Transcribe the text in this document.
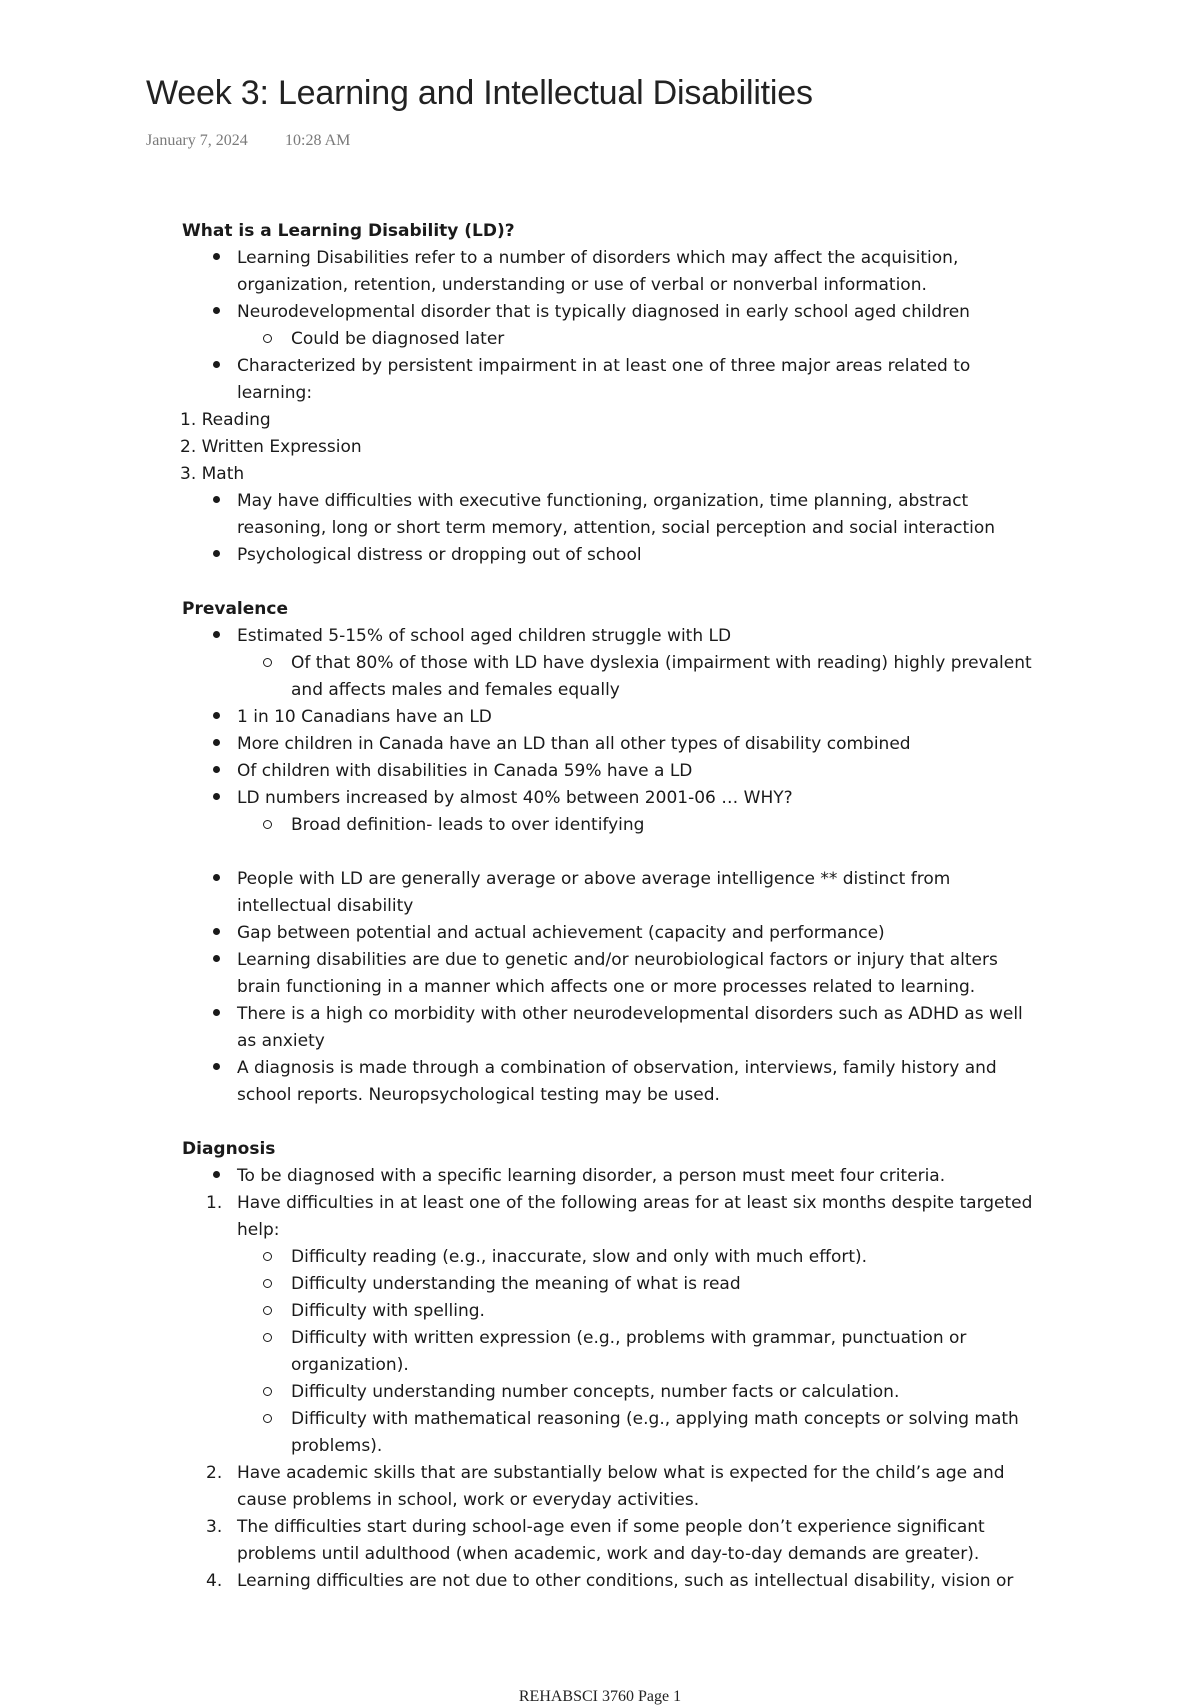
Week 3: Learning and Intellectual Disabilities
January 7, 2024 10:28 AM
What is a Learning Disability (LD)?
Learning Disabilities refer to a number of disorders which may affect the acquisition,
organization, retention, understanding or use of verbal or nonverbal information.
Neurodevelopmental disorder that is typically diagnosed in early school aged children
Could be diagnosed later
Characterized by persistent impairment in at least one of three major areas related to
learning:
1. Reading
2. Written Expression
3. Math
May have difficulties with executive functioning, organization, time planning, abstract
reasoning, long or short term memory, attention, social perception and social interaction
Psychological distress or dropping out of school
Prevalence
Estimated 5-15% of school aged children struggle with LD
Of that 80% of those with LD have dyslexia (impairment with reading) highly prevalent
and affects males and females equally
1 in 10 Canadians have an LD
More children in Canada have an LD than all other types of disability combined
Of children with disabilities in Canada 59% have a LD
LD numbers increased by almost 40% between 2001-06 … WHY?
Broad definition- leads to over identifying
People with LD are generally average or above average intelligence ** distinct from
intellectual disability
Gap between potential and actual achievement (capacity and performance)
Learning disabilities are due to genetic and/or neurobiological factors or injury that alters
brain functioning in a manner which affects one or more processes related to learning.
There is a high co morbidity with other neurodevelopmental disorders such as ADHD as well
as anxiety
A diagnosis is made through a combination of observation, interviews, family history and
school reports. Neuropsychological testing may be used.
Diagnosis
To be diagnosed with a specific learning disorder, a person must meet four criteria.
1. Have difficulties in at least one of the following areas for at least six months despite targeted
help:
Difficulty reading (e.g., inaccurate, slow and only with much effort).
Difficulty understanding the meaning of what is read
Difficulty with spelling.
Difficulty with written expression (e.g., problems with grammar, punctuation or
organization).
Difficulty understanding number concepts, number facts or calculation.
Difficulty with mathematical reasoning (e.g., applying math concepts or solving math
problems).
2. Have academic skills that are substantially below what is expected for the child’s age and
cause problems in school, work or everyday activities.
3. The difficulties start during school-age even if some people don’t experience significant
problems until adulthood (when academic, work and day-to-day demands are greater).
4. Learning difficulties are not due to other conditions, such as intellectual disability, vision or
REHABSCI 3760 Page 1
